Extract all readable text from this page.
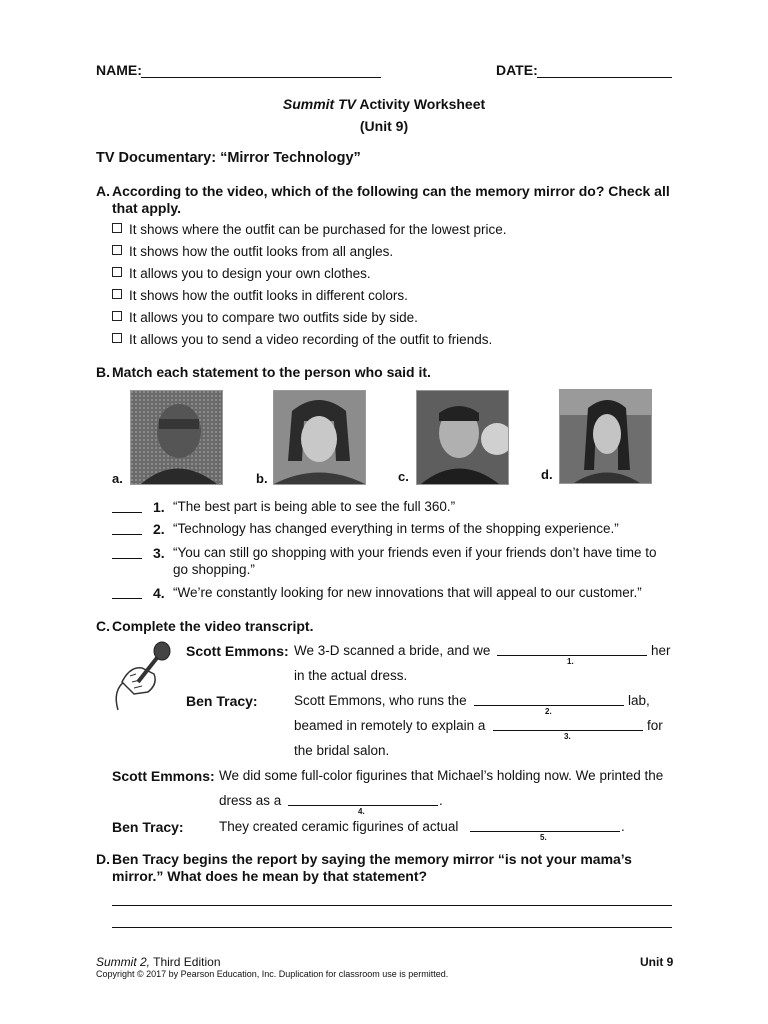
NAME:	DATE:
Summit TV Activity Worksheet
(Unit 9)
TV Documentary: “Mirror Technology”
A. According to the video, which of the following can the memory mirror do? Check all
that apply.
It shows where the outfit can be purchased for the lowest price.
It shows how the outfit looks from all angles.
It allows you to design your own clothes.
It shows how the outfit looks in different colors.
It allows you to compare two outfits side by side.
It allows you to send a video recording of the outfit to friends.
B. Match each statement to the person who said it.
a.	b.	c.	d.
1. “The best part is being able to see the full 360.”
2. “Technology has changed everything in terms of the shopping experience.”
3. “You can still go shopping with your friends even if your friends don’t have time to
go shopping.”
4. “We’re constantly looking for new innovations that will appeal to our customer.”
C. Complete the video transcript.
Scott Emmons: We 3-D scanned a bride, and we
1.
her
in the actual dress.
Ben Tracy:	Scott Emmons, who runs the
2.
lab,
beamed in remotely to explain a
3.
for
the bridal salon.
Scott Emmons: We did some full-color figurines that Michael’s holding now. We printed the
dress as a
4.
.
Ben Tracy:	They created ceramic figurines of actual
5.
.
D. Ben Tracy begins the report by saying the memory mirror “is not your mama’s
mirror.” What does he mean by that statement?
Summit 2, Third Edition	Unit 9
Copyright © 2017 by Pearson Education, Inc. Duplication for classroom use is permitted.
